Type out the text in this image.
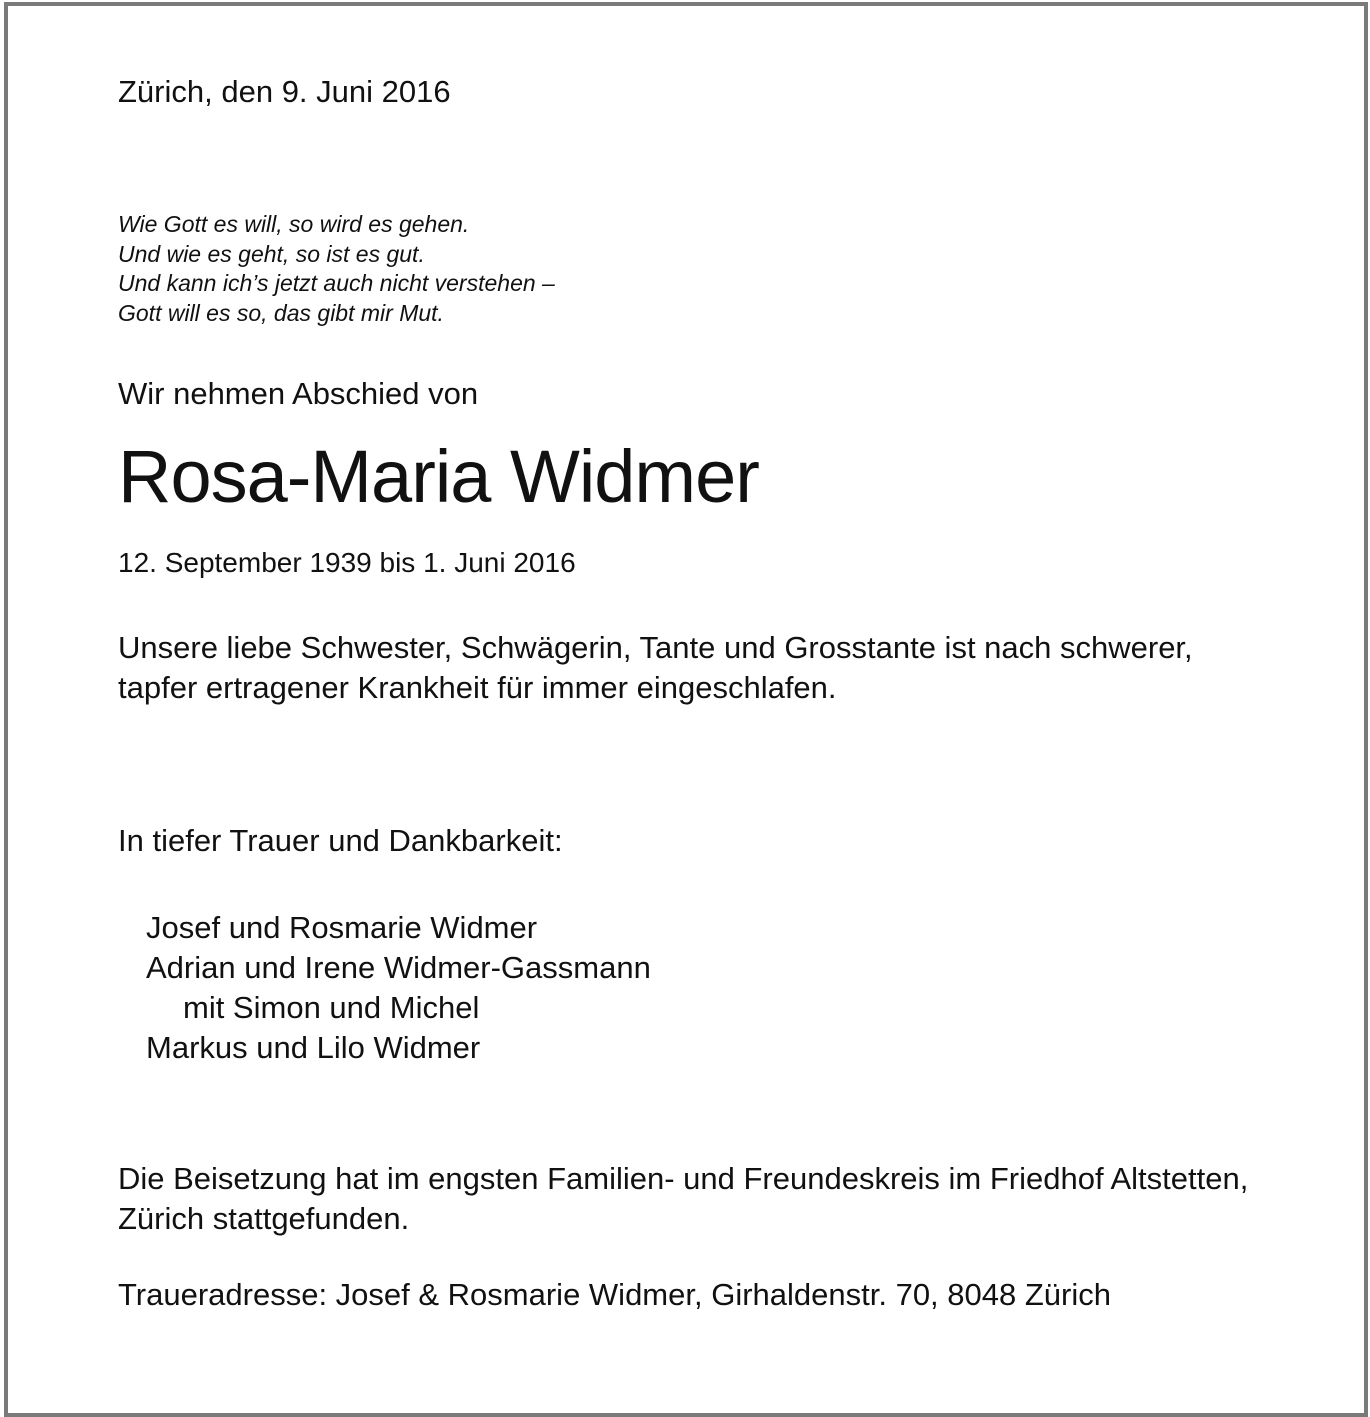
Zürich, den 9. Juni 2016

Wie Gott es will, so wird es gehen.
Und wie es geht, so ist es gut.
Und kann ich’s jetzt auch nicht verstehen –
Gott will es so, das gibt mir Mut.

Wir nehmen Abschied von

Rosa-Maria Widmer

12. September 1939 bis 1. Juni 2016

Unsere liebe Schwester, Schwägerin, Tante und Grosstante ist nach schwerer,
tapfer ertragener Krankheit für immer eingeschlafen.

In tiefer Trauer und Dankbarkeit:

Josef und Rosmarie Widmer
Adrian und Irene Widmer-Gassmann
mit Simon und Michel
Markus und Lilo Widmer
Die Beisetzung hat im engsten Familien- und Freundeskreis im Friedhof Altstetten,
Zürich stattgefunden.

Traueradresse: Josef & Rosmarie Widmer, Girhaldenstr. 70, 8048 Zürich
